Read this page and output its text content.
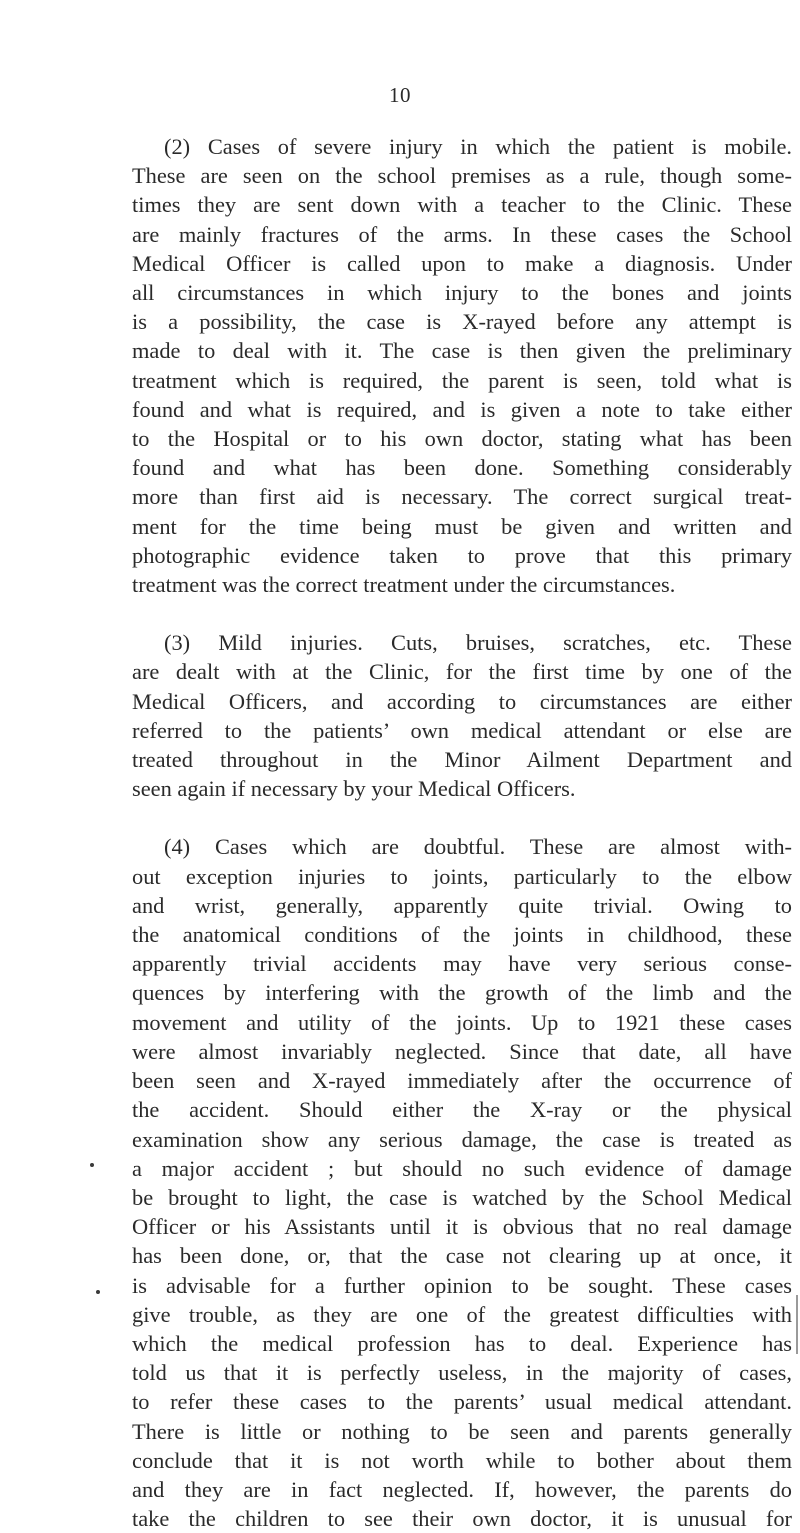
10

(2) Cases of severe injury in which the patient is mobile.
These are seen on the school premises as a rule, though some-
times they are sent down with a teacher to the Clinic. These
are mainly fractures of the arms. In these cases the School
Medical Officer is called upon to make a diagnosis. Under
all circumstances in which injury to the bones and joints
is a possibility, the case is X-rayed before any attempt is
made to deal with it. The case is then given the preliminary
treatment which is required, the parent is seen, told what is
found and what is required, and is given a note to take either
to the Hospital or to his own doctor, stating what has been
found and what has been done. Something considerably
more than first aid is necessary. The correct surgical treat-
ment for the time being must be given and written and
photographic evidence taken to prove that this primary
treatment was the correct treatment under the circumstances.

(3) Mild injuries. Cuts, bruises, scratches, etc. These
are dealt with at the Clinic, for the first time by one of the
Medical Officers, and according to circumstances are either
referred to the patients’ own medical attendant or else are
treated throughout in the Minor Ailment Department and
seen again if necessary by your Medical Officers.

(4) Cases which are doubtful. These are almost with-
out exception injuries to joints, particularly to the elbow
and wrist, generally, apparently quite trivial. Owing to
the anatomical conditions of the joints in childhood, these
apparently trivial accidents may have very serious conse-
quences by interfering with the growth of the limb and the
movement and utility of the joints. Up to 1921 these cases
were almost invariably neglected. Since that date, all have
been seen and X-rayed immediately after the occurrence of
the accident. Should either the X-ray or the physical
examination show any serious damage, the case is treated as
a major accident ; but should no such evidence of damage
be brought to light, the case is watched by the School Medical
Officer or his Assistants until it is obvious that no real damage
has been done, or, that the case not clearing up at once, it
is advisable for a further opinion to be sought. These cases
give trouble, as they are one of the greatest difficulties with
which the medical profession has to deal. Experience has
told us that it is perfectly useless, in the majority of cases,
to refer these cases to the parents’ usual medical attendant.
There is little or nothing to be seen and parents generally
conclude that it is not worth while to bother about them
and they are in fact neglected. If, however, the parents do
take the children to see their own doctor, it is unusual for
